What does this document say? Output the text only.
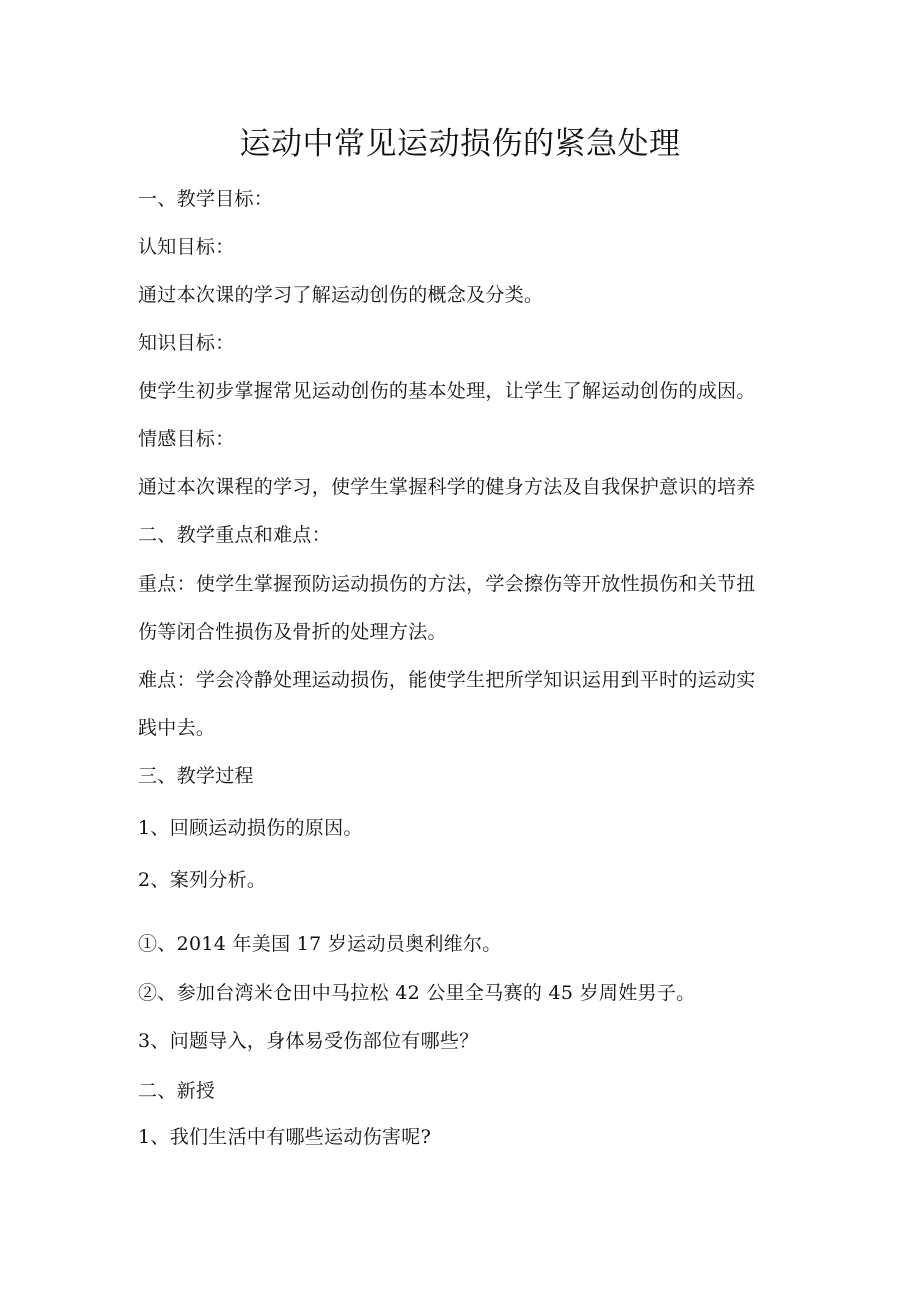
运动中常见运动损伤的紧急处理
一、教学目标：
认知目标：
通过本次课的学习了解运动创伤的概念及分类。
知识目标：
使学生初步掌握常见运动创伤的基本处理，让学生了解运动创伤的成因。
情感目标：
通过本次课程的学习，使学生掌握科学的健身方法及自我保护意识的培养
二、教学重点和难点：
重点：使学生掌握预防运动损伤的方法，学会擦伤等开放性损伤和关节扭
伤等闭合性损伤及骨折的处理方法。
难点：学会冷静处理运动损伤，能使学生把所学知识运用到平时的运动实
践中去。
三、教学过程
1、回顾运动损伤的原因。
2、案列分析。
①、2014 年美国 17 岁运动员奥利维尔。
②、参加台湾米仓田中马拉松 42 公里全马赛的 45 岁周姓男子。
3、问题导入，身体易受伤部位有哪些？
二、新授
1、我们生活中有哪些运动伤害呢?
